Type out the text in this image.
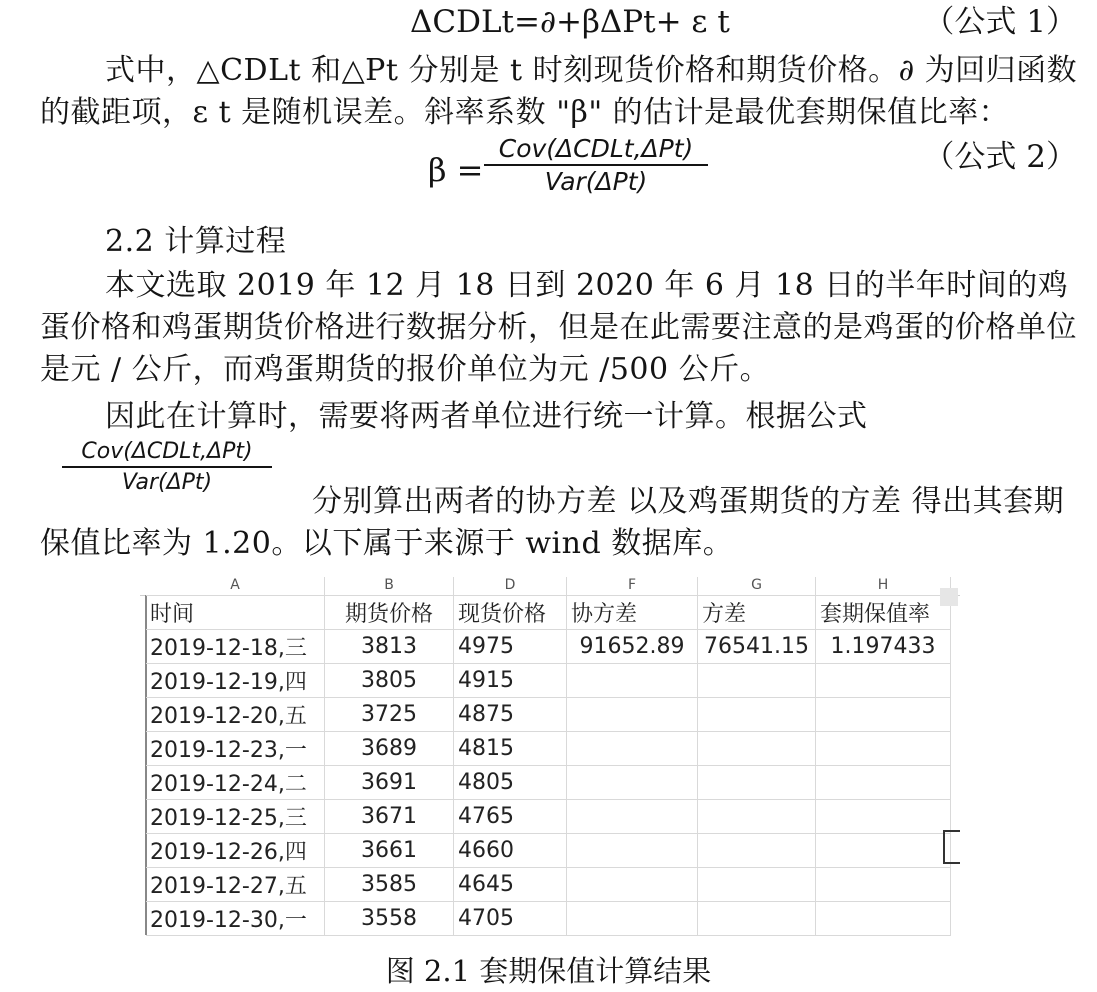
ΔCDLt=∂+βΔPt+ ε t	（公式 1）
式中，△CDLt 和△Pt 分别是 t 时刻现货价格和期货价格。∂ 为回归函数的截距项，ε t 是随机误差。斜率系数 "β" 的估计是最优套期保值比率：
β =
Cov(ΔCDLt,ΔPt)
Var(ΔPt)
（公式 2）
2.2 计算过程
本文选取 2019 年 12 月 18 日到 2020 年 6 月 18 日的半年时间的鸡蛋价格和鸡蛋期货价格进行数据分析，但是在此需要注意的是鸡蛋的价格单位是元 / 公斤，而鸡蛋期货的报价单位为元 /500 公斤。
因此在计算时，需要将两者单位进行统一计算。根据公式
Cov(ΔCDLt,ΔPt)
Var(ΔPt)
分别算出两者的协方差 以及鸡蛋期货的方差 得出其套期保值比率为 1.20。以下属于来源于 wind 数据库。
A	B	D	F	G	H
时间	期货价格	现货价格	协方差	方差	套期保值率
2019-12-18,三	3813	4975	91652.89	76541.15	1.197433
2019-12-19,四	3805	4915			
2019-12-20,五	3725	4875			
2019-12-23,一	3689	4815			
2019-12-24,二	3691	4805			
2019-12-25,三	3671	4765			
2019-12-26,四	3661	4660			
2019-12-27,五	3585	4645			
2019-12-30,一	3558	4705			
图 2.1 套期保值计算结果
